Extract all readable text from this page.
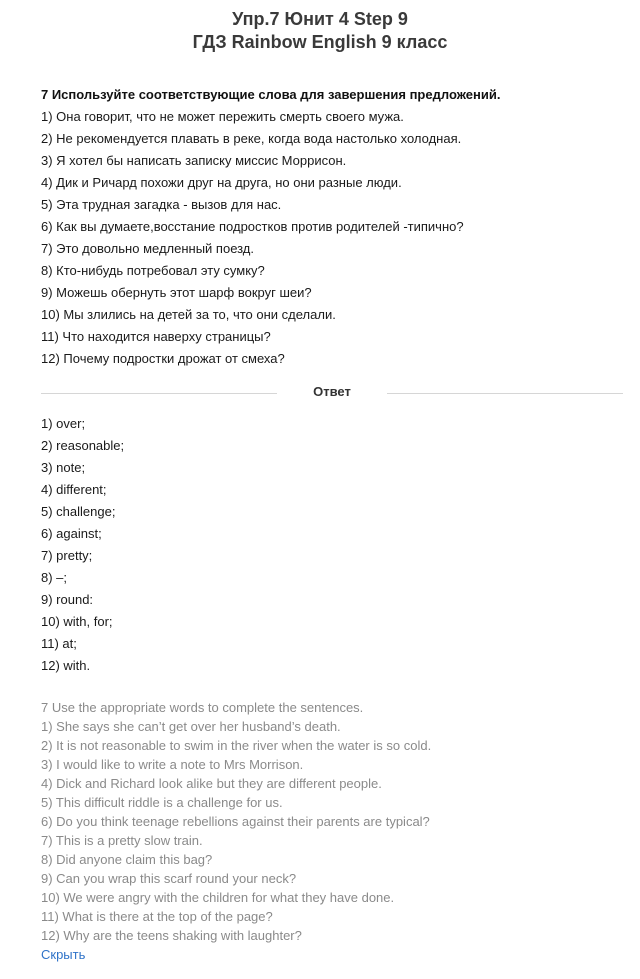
Упр.7 Юнит 4 Step 9
ГДЗ Rainbow English 9 класс
7 Используйте соответствующие слова для завершения предложений.
1) Она говорит, что не может пережить смерть своего мужа.
2) Не рекомендуется плавать в реке, когда вода настолько холодная.
3) Я хотел бы написать записку миссис Моррисон.
4) Дик и Ричард похожи друг на друга, но они разные люди.
5) Эта трудная загадка - вызов для нас.
6) Как вы думаете,восстание подростков против родителей -типично?
7) Это довольно медленный поезд.
8) Кто-нибудь потребовал эту сумку?
9) Можешь обернуть этот шарф вокруг шеи?
10) Мы злились на детей за то, что они сделали.
11) Что находится наверху страницы?
12) Почему подростки дрожат от смеха?
Ответ
1) over;
2) reasonable;
3) note;
4) different;
5) challenge;
6) against;
7) pretty;
8) –;
9) round:
10) with, for;
11) at;
12) with.
7 Use the appropriate words to complete the sentences.
1) She says she can’t get over her husband’s death.
2) It is not reasonable to swim in the river when the water is so cold.
3) I would like to write a note to Mrs Morrison.
4) Dick and Richard look alike but they are different people.
5) This difficult riddle is a challenge for us.
6) Do you think teenage rebellions against their parents are typical?
7) This is a pretty slow train.
8) Did anyone claim this bag?
9) Can you wrap this scarf round your neck?
10) We were angry with the children for what they have done.
11) What is there at the top of the page?
12) Why are the teens shaking with laughter?
Скрыть
